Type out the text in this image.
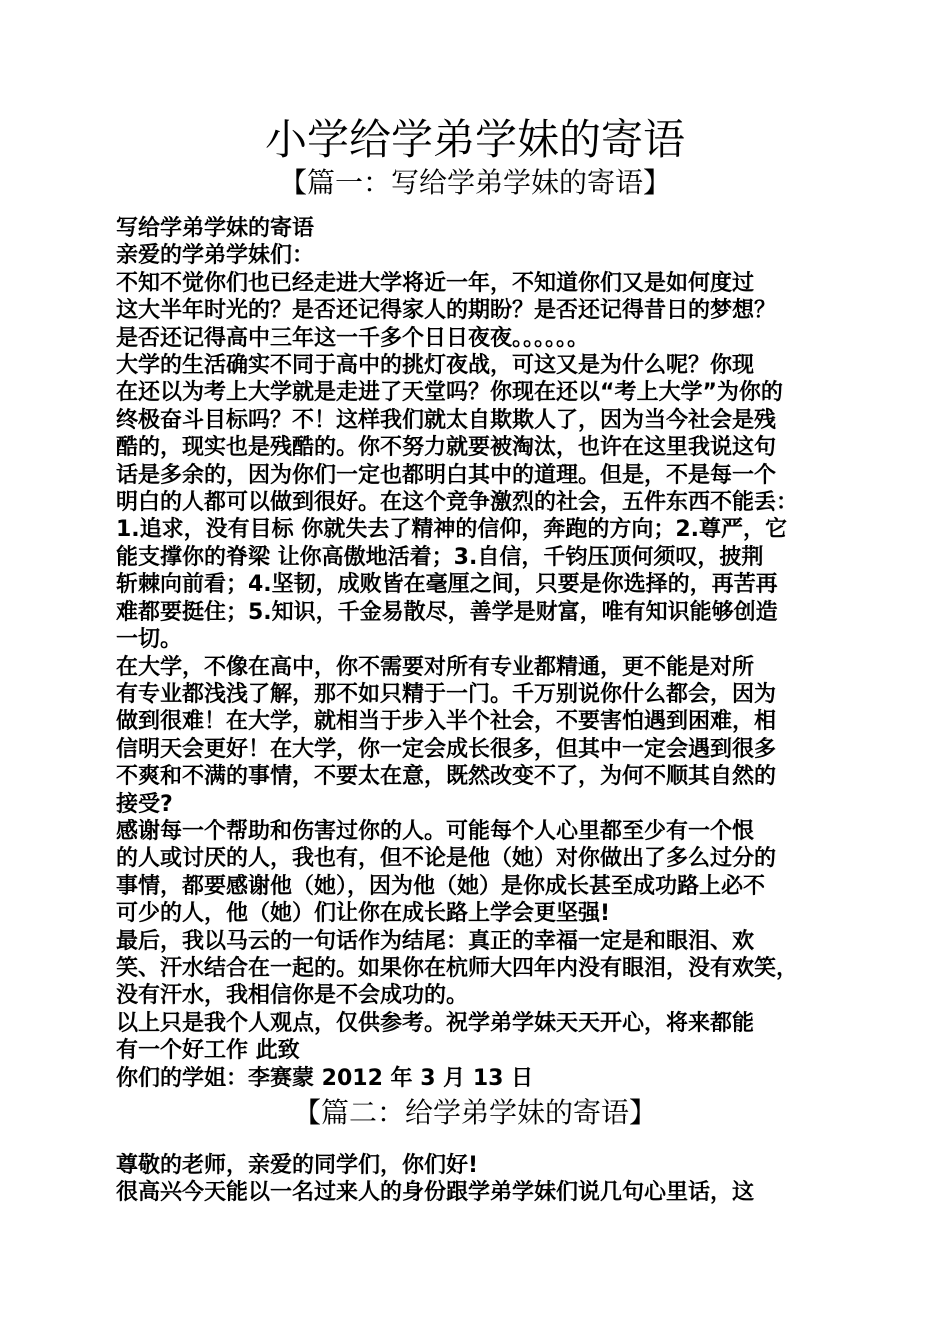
小学给学弟学妹的寄语
【篇一：写给学弟学妹的寄语】
写给学弟学妹的寄语
亲爱的学弟学妹们：
不知不觉你们也已经走进大学将近一年，不知道你们又是如何度过
这大半年时光的？是否还记得家人的期盼？是否还记得昔日的梦想？
是否还记得高中三年这一千多个日日夜夜。。。。。。
大学的生活确实不同于高中的挑灯夜战，可这又是为什么呢？你现
在还以为考上大学就是走进了天堂吗？你现在还以“考上大学”为你的
终极奋斗目标吗？不！这样我们就太自欺欺人了，因为当今社会是残
酷的，现实也是残酷的。你不努力就要被淘汰，也许在这里我说这句
话是多余的，因为你们一定也都明白其中的道理。但是，不是每一个
明白的人都可以做到很好。在这个竞争激烈的社会，五件东西不能丢：
1.追求，没有目标 你就失去了精神的信仰，奔跑的方向；2.尊严，它
能支撑你的脊梁 让你高傲地活着；3.自信，千钧压顶何须叹，披荆
斩棘向前看；4.坚韧，成败皆在毫厘之间，只要是你选择的，再苦再
难都要挺住；5.知识，千金易散尽，善学是财富，唯有知识能够创造
一切。
在大学，不像在高中，你不需要对所有专业都精通，更不能是对所
有专业都浅浅了解，那不如只精于一门。千万别说你什么都会，因为
做到很难！在大学，就相当于步入半个社会，不要害怕遇到困难，相
信明天会更好！在大学，你一定会成长很多，但其中一定会遇到很多
不爽和不满的事情，不要太在意，既然改变不了，为何不顺其自然的
接受?
感谢每一个帮助和伤害过你的人。可能每个人心里都至少有一个恨
的人或讨厌的人，我也有，但不论是他（她）对你做出了多么过分的
事情，都要感谢他（她），因为他（她）是你成长甚至成功路上必不
可少的人，他（她）们让你在成长路上学会更坚强!
最后，我以马云的一句话作为结尾：真正的幸福一定是和眼泪、欢
笑、汗水结合在一起的。如果你在杭师大四年内没有眼泪，没有欢笑，
没有汗水，我相信你是不会成功的。
以上只是我个人观点，仅供参考。祝学弟学妹天天开心，将来都能
有一个好工作 此致
你们的学姐：李赛蒙 2012 年 3 月 13 日
【篇二：给学弟学妹的寄语】
尊敬的老师，亲爱的同学们，你们好!
很高兴今天能以一名过来人的身份跟学弟学妹们说几句心里话，这
